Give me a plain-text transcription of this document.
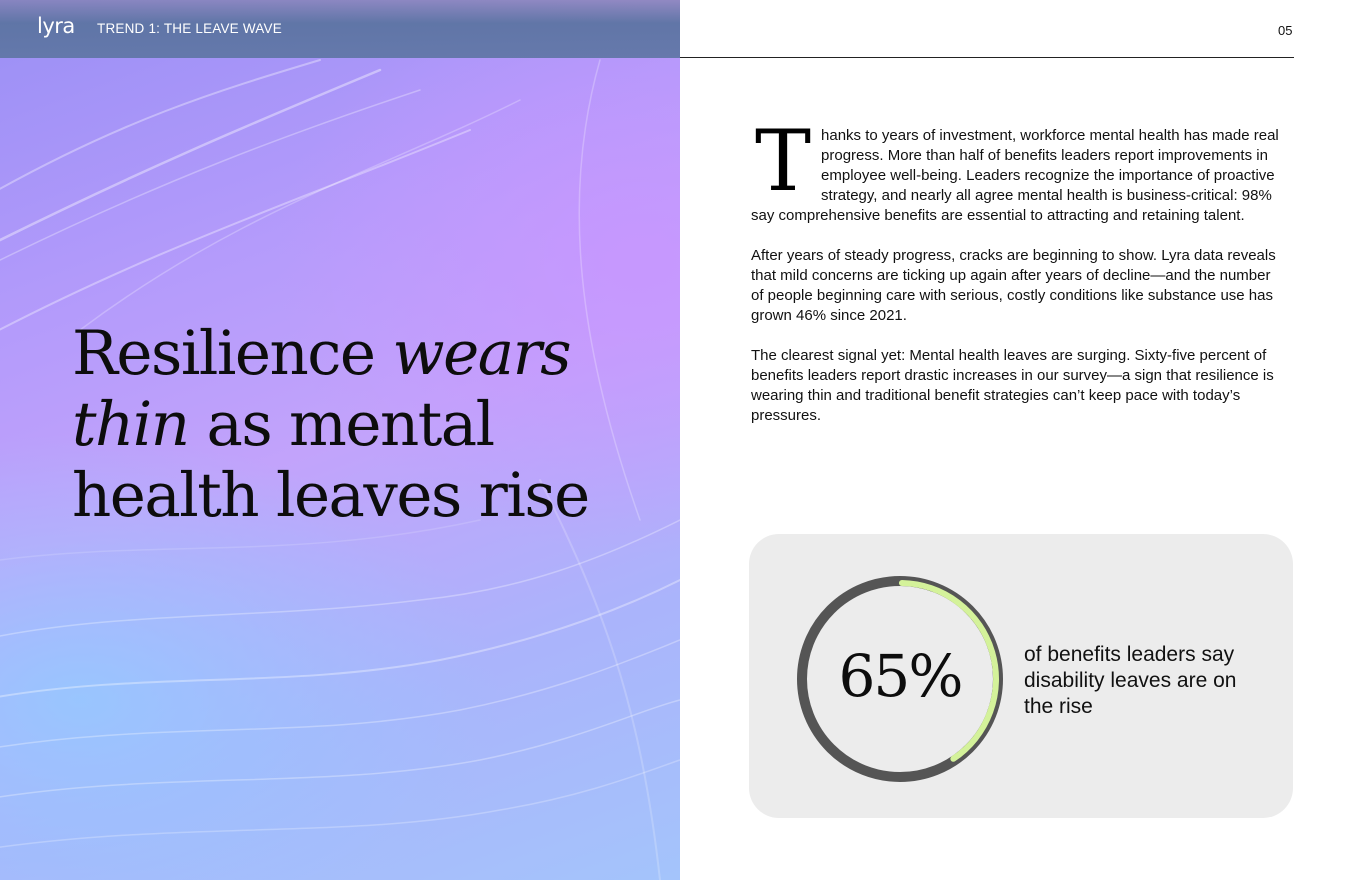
lyra TREND 1: THE LEAVE WAVE
Resilience wears thin as mental health leaves rise
05

Thanks to years of investment, workforce mental health has made real progress. More than half of benefits leaders report improvements in employee well-being. Leaders recognize the importance of proactive strategy, and nearly all agree mental health is business-critical: 98% say comprehensive benefits are essential to attracting and retaining talent.

After years of steady progress, cracks are beginning to show. Lyra data reveals that mild concerns are ticking up again after years of decline—and the number of people beginning care with serious, costly conditions like substance use has grown 46% since 2021.

The clearest signal yet: Mental health leaves are surging. Sixty-five percent of benefits leaders report drastic increases in our survey—a sign that resilience is wearing thin and traditional benefit strategies can’t keep pace with today’s pressures.

65%	of benefits leaders say disability leaves are on the rise
